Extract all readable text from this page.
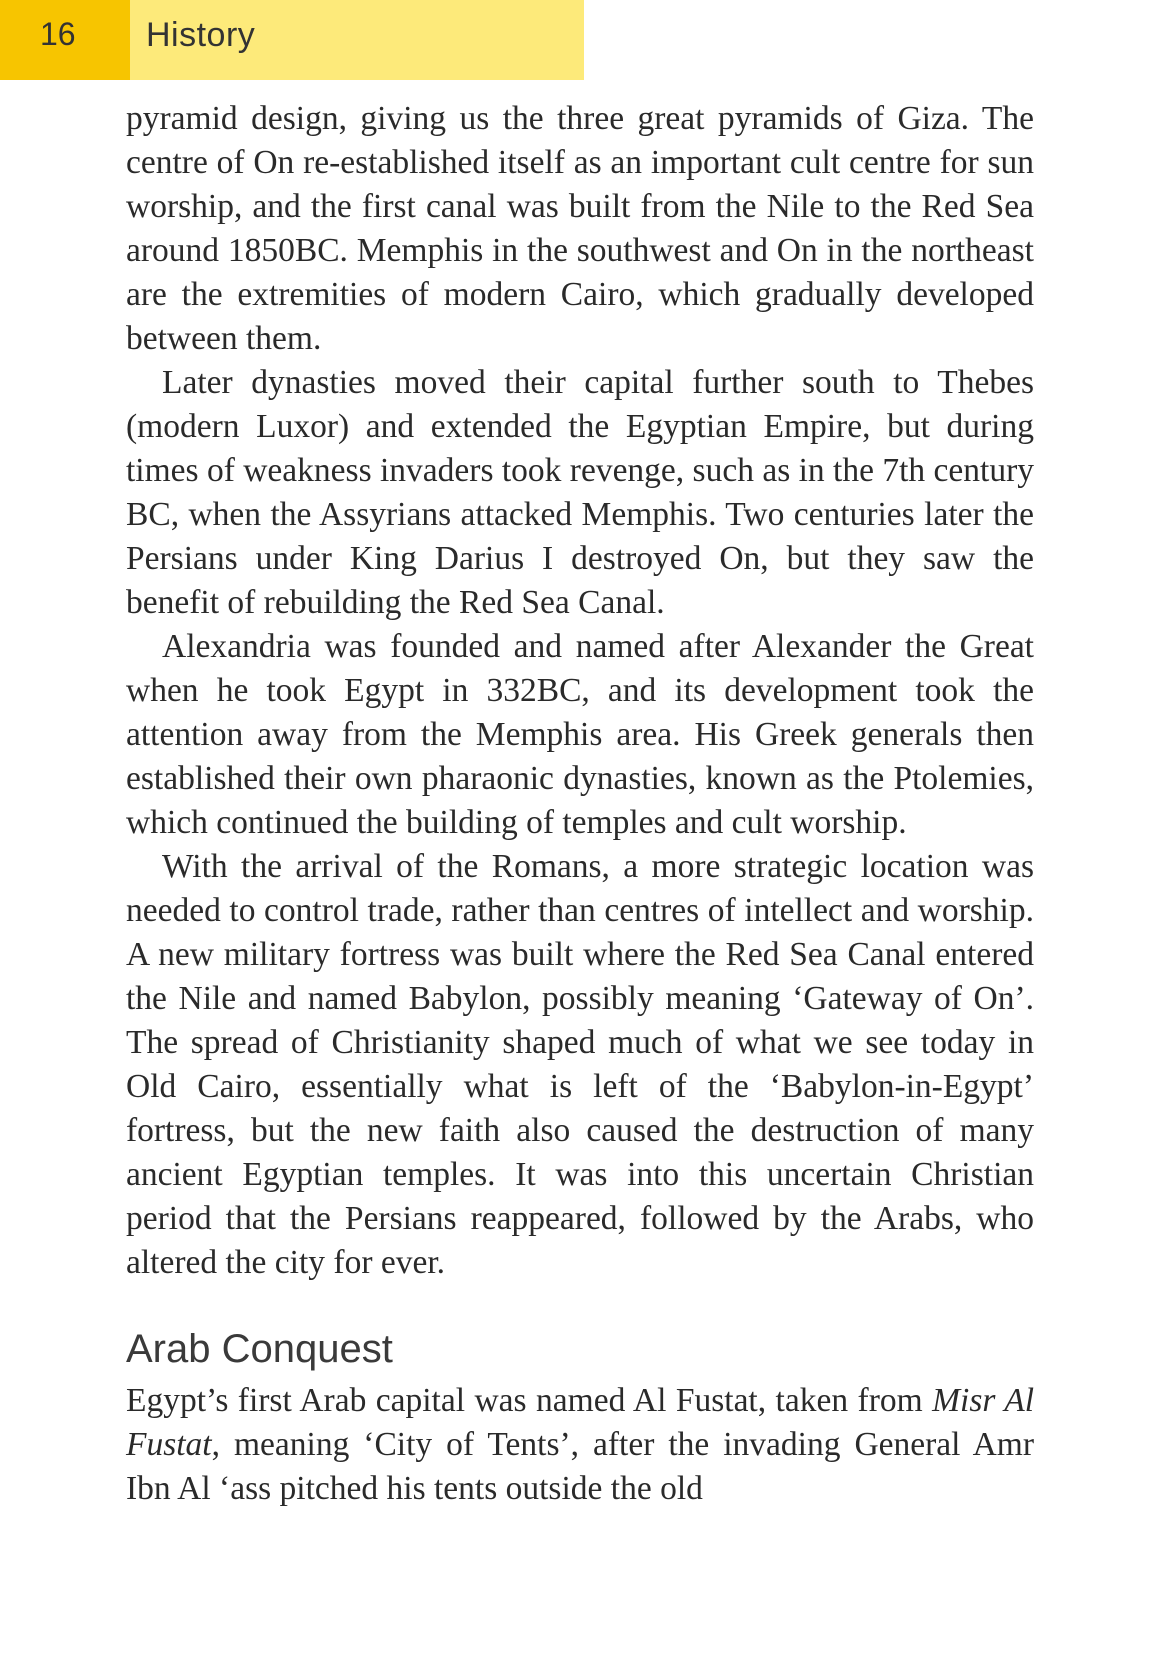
16	History

pyramid design, giving us the three great pyramids of Giza. The centre of On re-established itself as an important cult centre for sun worship, and the first canal was built from the Nile to the Red Sea around 1850BC. Memphis in the southwest and On in the northeast are the extremities of modern Cairo, which gradually developed between them.

Later dynasties moved their capital further south to Thebes (modern Luxor) and extended the Egyptian Empire, but during times of weakness invaders took revenge, such as in the 7th century BC, when the Assyrians attacked Memphis. Two centuries later the Persians under King Darius I destroyed On, but they saw the benefit of rebuilding the Red Sea Canal.

Alexandria was founded and named after Alexander the Great when he took Egypt in 332BC, and its development took the attention away from the Memphis area. His Greek generals then established their own pharaonic dynasties, known as the Ptolemies, which continued the building of temples and cult worship.

With the arrival of the Romans, a more strategic location was needed to control trade, rather than centres of intellect and worship. A new military fortress was built where the Red Sea Canal entered the Nile and named Babylon, possibly meaning ‘Gateway of On’. The spread of Christianity shaped much of what we see today in Old Cairo, essentially what is left of the ‘Babylon-in-Egypt’ fortress, but the new faith also caused the destruction of many ancient Egyptian temples. It was into this uncertain Christian period that the Persians reappeared, followed by the Arabs, who altered the city for ever.

Arab Conquest

Egypt’s first Arab capital was named Al Fustat, taken from Misr Al Fustat, meaning ‘City of Tents’, after the invading General Amr Ibn Al ‘ass pitched his tents outside the old
